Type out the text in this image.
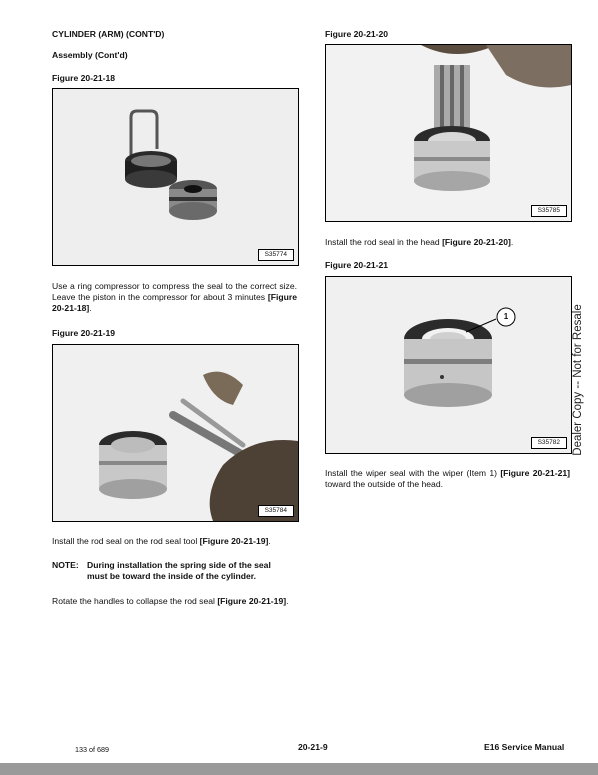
CYLINDER (ARM) (CONT'D)
Assembly (Cont'd)
Figure 20-21-18
S35774
Use a ring compressor to compress the seal to the correct size. Leave the piston in the compressor for about 3 minutes [Figure 20-21-18].
Figure 20-21-19
S35784
Install the rod seal on the rod seal tool [Figure 20-21-19].
NOTE: During installation the spring side of the seal
must be toward the inside of the cylinder.
Rotate the handles to collapse the rod seal [Figure 20-21-19].
Figure 20-21-20
S35785
Install the rod seal in the head [Figure 20-21-20].
Figure 20-21-21
1
S35782
Install the wiper seal with the wiper (Item 1) [Figure 20-21-21] toward the outside of the head.
Dealer Copy -- Not for Resale
133 of 689	20-21-9	E16 Service Manual
